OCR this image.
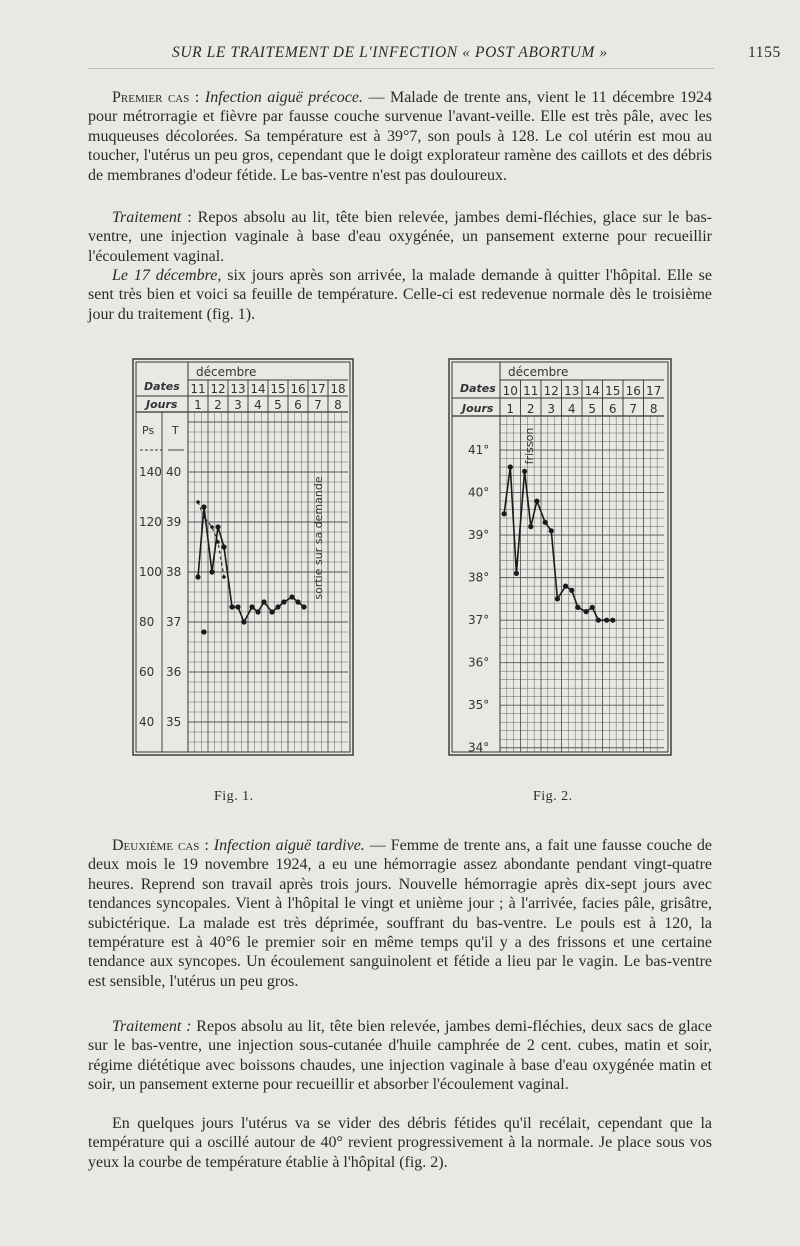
SUR LE TRAITEMENT DE L'INFECTION « POST ABORTUM »	1155

Premier cas : Infection aiguë précoce. — Malade de trente ans, vient le 11 décembre 1924 pour métrorragie et fièvre par fausse couche survenue l'avant-veille. Elle est très pâle, avec les muqueuses décolorées. Sa température est à 39°7, son pouls à 128. Le col utérin est mou au toucher, l'utérus un peu gros, cependant que le doigt explorateur ramène des caillots et des débris de membranes d'odeur fétide. Le bas-ventre n'est pas douloureux.

Traitement : Repos absolu au lit, tête bien relevée, jambes demi-fléchies, glace sur le bas-ventre, une injection vaginale à base d'eau oxygénée, un pansement externe pour recueillir l'écoulement vaginal.

Le 17 décembre, six jours après son arrivée, la malade demande à quitter l'hôpital. Elle se sent très bien et voici sa feuille de température. Celle-ci est redevenue normale dès le troisième jour du traitement (fig. 1).

décembre
Dates
Jours
11
1
12
2
13
3
14
4
15
5
16
6
17
7
18
8
Ps T
40
39
38
37
36
35
140
120
100
80
60
40
sortie sur sa demande
Fig. 1.
décembre
Dates
Jours
10
1
11
2
12
3
13
4
14
5
15
6
16
7
17
8
41°
40°
39°
38°
37°
36°
35°
34°
frisson
Fig. 2.

Deuxième cas : Infection aiguë tardive. — Femme de trente ans, a fait une fausse couche de deux mois le 19 novembre 1924, a eu une hémorragie assez abondante pendant vingt-quatre heures. Reprend son travail après trois jours. Nouvelle hémorragie après dix-sept jours avec tendances syncopales. Vient à l'hôpital le vingt et unième jour ; à l'arrivée, facies pâle, grisâtre, subictérique. La malade est très déprimée, souffrant du bas-ventre. Le pouls est à 120, la température est à 40°6 le premier soir en même temps qu'il y a des frissons et une certaine tendance aux syncopes. Un écoulement sanguinolent et fétide a lieu par le vagin. Le bas-ventre est sensible, l'utérus un peu gros.

Traitement : Repos absolu au lit, tête bien relevée, jambes demi-fléchies, deux sacs de glace sur le bas-ventre, une injection sous-cutanée d'huile camphrée de 2 cent. cubes, matin et soir, régime diététique avec boissons chaudes, une injection vaginale à base d'eau oxygénée matin et soir, un pansement externe pour recueillir et absorber l'écoulement vaginal.

En quelques jours l'utérus va se vider des débris fétides qu'il recélait, cependant que la température qui a oscillé autour de 40° revient progressivement à la normale. Je place sous vos yeux la courbe de température établie à l'hôpital (fig. 2).
